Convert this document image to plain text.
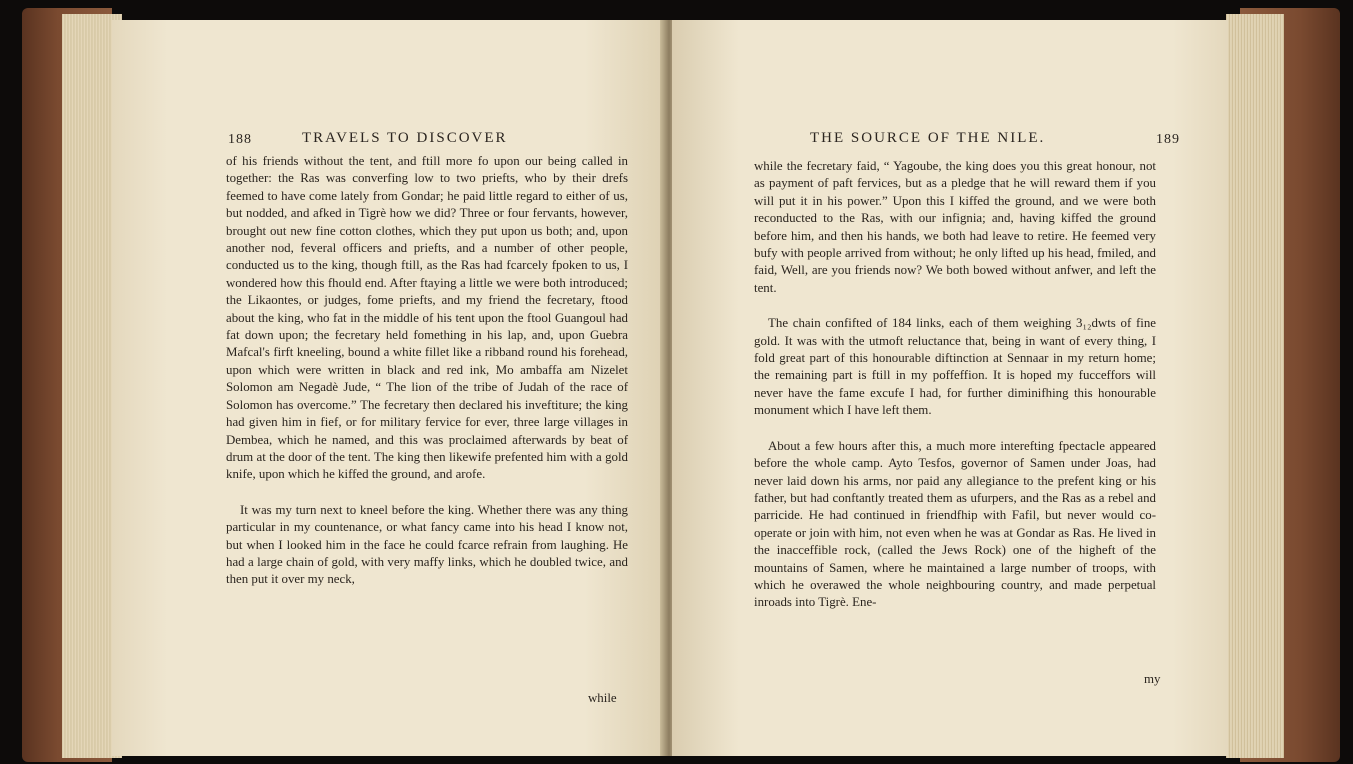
188	TRAVELS TO DISCOVER

of his friends without the tent, and ftill more fo upon our being called in together: the Ras was converfing low to two priefts, who by their drefs feemed to have come lately from Gondar; he paid little regard to either of us, but nodded, and afked in Tigrè how we did? Three or four fervants, however, brought out new fine cotton clothes, which they put upon us both; and, upon another nod, feveral officers and priefts, and a number of other people, conducted us to the king, though ftill, as the Ras had fcarcely fpoken to us, I wondered how this fhould end. After ftaying a little we were both introduced; the Likaontes, or judges, fome priefts, and my friend the fecretary, ftood about the king, who fat in the middle of his tent upon the ftool Guangoul had fat down upon; the fecretary held fomething in his lap, and, upon Guebra Mafcal's firft kneeling, bound a white fillet like a ribband round his forehead, upon which were written in black and red ink, Mo ambaffa am Nizelet Solomon am Negadè Jude, “ The lion of the tribe of Judah of the race of Solomon has overcome.” The fecretary then declared his inveftiture; the king had given him in fief, or for military fervice for ever, three large villages in Dembea, which he named, and this was proclaimed afterwards by beat of drum at the door of the tent. The king then likewife prefented him with a gold knife, upon which he kiffed the ground, and arofe.

It was my turn next to kneel before the king. Whether there was any thing particular in my countenance, or what fancy came into his head I know not, but when I looked him in the face he could fcarce refrain from laughing. He had a large chain of gold, with very maffy links, which he doubled twice, and then put it over my neck,

while
THE SOURCE OF THE NILE.	189

while the fecretary faid, “ Yagoube, the king does you this great honour, not as payment of paft fervices, but as a pledge that he will reward them if you will put it in his power.” Upon this I kiffed the ground, and we were both reconducted to the Ras, with our infignia; and, having kiffed the ground before him, and then his hands, we both had leave to retire. He feemed very bufy with people arrived from without; he only lifted up his head, fmiled, and faid, Well, are you friends now? We both bowed without anfwer, and left the tent.

The chain confifted of 184 links, each of them weighing 3₁₂dwts of fine gold. It was with the utmoft reluctance that, being in want of every thing, I fold great part of this honourable diftinction at Sennaar in my return home; the remaining part is ftill in my poffeffion. It is hoped my fucceffors will never have the fame excufe I had, for further diminifhing this honourable monument which I have left them.

About a few hours after this, a much more interefting fpectacle appeared before the whole camp. Ayto Tesfos, governor of Samen under Joas, had never laid down his arms, nor paid any allegiance to the prefent king or his father, but had conftantly treated them as ufurpers, and the Ras as a rebel and parricide. He had continued in friendfhip with Fafil, but never would co-operate or join with him, not even when he was at Gondar as Ras. He lived in the inacceffible rock, (called the Jews Rock) one of the higheft of the mountains of Samen, where he maintained a large number of troops, with which he overawed the whole neighbouring country, and made perpetual inroads into Tigrè. Ene-

my
